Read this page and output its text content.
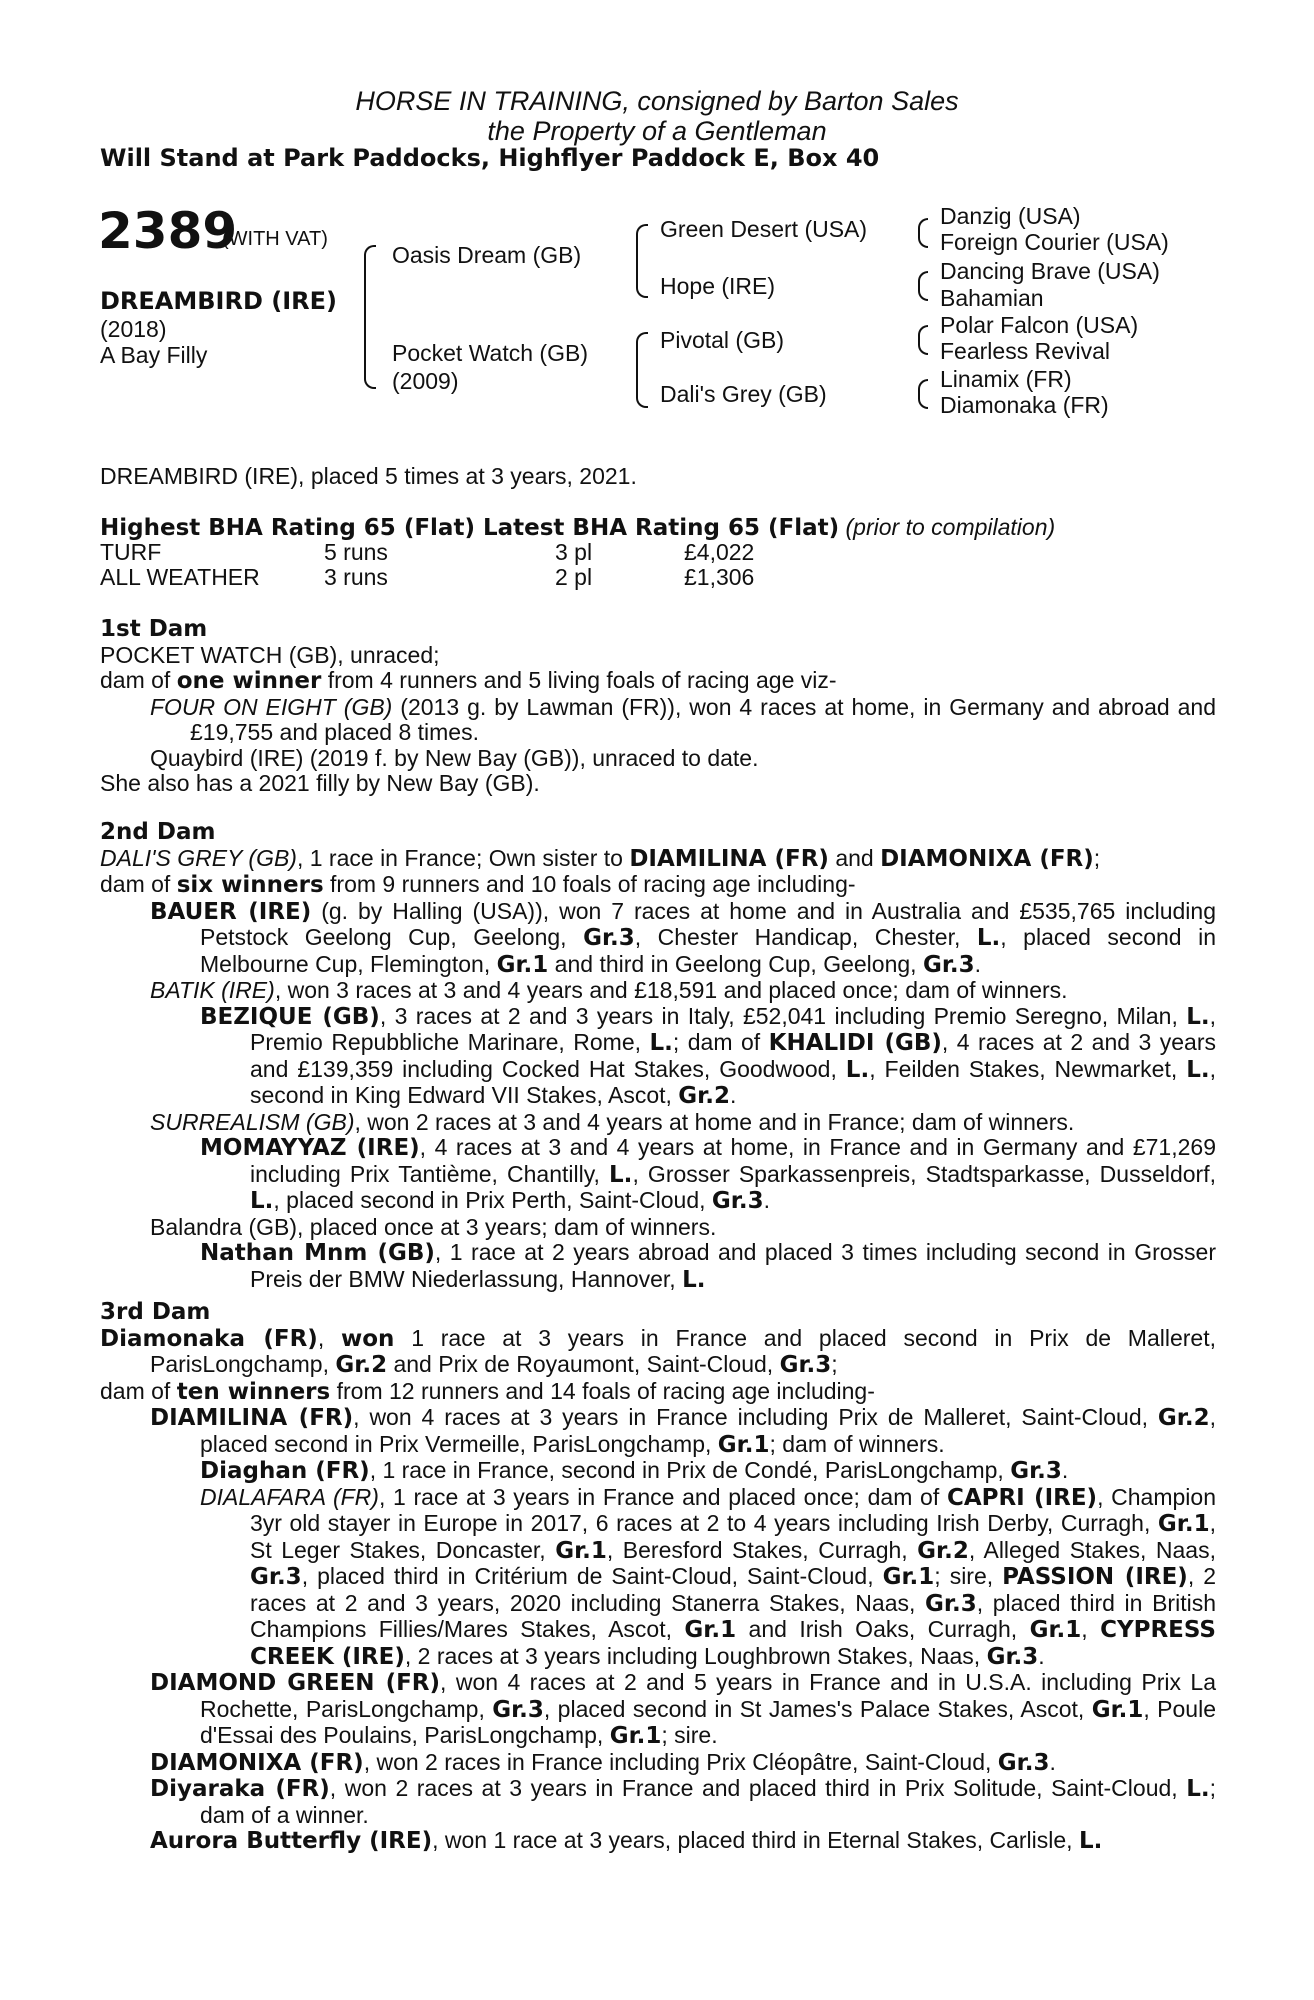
HORSE IN TRAINING, consigned by Barton Sales
the Property of a Gentleman
Will Stand at Park Paddocks, Highflyer Paddock E, Box 40
2389
(WITH VAT)
DREAMBIRD (IRE)
(2018)
A Bay Filly
Oasis Dream (GB)
Pocket Watch (GB)
(2009)
Green Desert (USA)
Hope (IRE)
Pivotal (GB)
Dali's Grey (GB)
Danzig (USA)
Foreign Courier (USA)
Dancing Brave (USA)
Bahamian
Polar Falcon (USA)
Fearless Revival
Linamix (FR)
Diamonaka (FR)
DREAMBIRD (IRE), placed 5 times at 3 years, 2021.
Highest BHA Rating 65 (Flat) Latest BHA Rating 65 (Flat) (prior to compilation)
TURF	5 runs	3 pl	£4,022
ALL WEATHER	3 runs	2 pl	£1,306

1st Dam

POCKET WATCH (GB), unraced;

dam of one winner from 4 runners and 5 living foals of racing age viz-

FOUR ON EIGHT (GB) (2013 g. by Lawman (FR)), won 4 races at home, in Germany and abroad and £19,755 and placed 8 times.

Quaybird (IRE) (2019 f. by New Bay (GB)), unraced to date.

She also has a 2021 filly by New Bay (GB).

2nd Dam

DALI'S GREY (GB), 1 race in France; Own sister to DIAMILINA (FR) and DIAMONIXA (FR);

dam of six winners from 9 runners and 10 foals of racing age including-

BAUER (IRE) (g. by Halling (USA)), won 7 races at home and in Australia and £535,765 including Petstock Geelong Cup, Geelong, Gr.3, Chester Handicap, Chester, L., placed second in Melbourne Cup, Flemington, Gr.1 and third in Geelong Cup, Geelong, Gr.3.

BATIK (IRE), won 3 races at 3 and 4 years and £18,591 and placed once; dam of winners.

BEZIQUE (GB), 3 races at 2 and 3 years in Italy, £52,041 including Premio Seregno, Milan, L., Premio Repubbliche Marinare, Rome, L.; dam of KHALIDI (GB), 4 races at 2 and 3 years and £139,359 including Cocked Hat Stakes, Goodwood, L., Feilden Stakes, Newmarket, L., second in King Edward VII Stakes, Ascot, Gr.2.

SURREALISM (GB), won 2 races at 3 and 4 years at home and in France; dam of winners.

MOMAYYAZ (IRE), 4 races at 3 and 4 years at home, in France and in Germany and £71,269 including Prix Tantième, Chantilly, L., Grosser Sparkassenpreis, Stadtsparkasse, Dusseldorf, L., placed second in Prix Perth, Saint-Cloud, Gr.3.

Balandra (GB), placed once at 3 years; dam of winners.

Nathan Mnm (GB), 1 race at 2 years abroad and placed 3 times including second in Grosser Preis der BMW Niederlassung, Hannover, L.

3rd Dam

Diamonaka (FR), won 1 race at 3 years in France and placed second in Prix de Malleret, ParisLongchamp, Gr.2 and Prix de Royaumont, Saint-Cloud, Gr.3;

dam of ten winners from 12 runners and 14 foals of racing age including-

DIAMILINA (FR), won 4 races at 3 years in France including Prix de Malleret, Saint-Cloud, Gr.2, placed second in Prix Vermeille, ParisLongchamp, Gr.1; dam of winners.

Diaghan (FR), 1 race in France, second in Prix de Condé, ParisLongchamp, Gr.3.

DIALAFARA (FR), 1 race at 3 years in France and placed once; dam of CAPRI (IRE), Champion 3yr old stayer in Europe in 2017, 6 races at 2 to 4 years including Irish Derby, Curragh, Gr.1, St Leger Stakes, Doncaster, Gr.1, Beresford Stakes, Curragh, Gr.2, Alleged Stakes, Naas, Gr.3, placed third in Critérium de Saint-Cloud, Saint-Cloud, Gr.1; sire, PASSION (IRE), 2 races at 2 and 3 years, 2020 including Stanerra Stakes, Naas, Gr.3, placed third in British Champions Fillies/Mares Stakes, Ascot, Gr.1 and Irish Oaks, Curragh, Gr.1, CYPRESS CREEK (IRE), 2 races at 3 years including Loughbrown Stakes, Naas, Gr.3.

DIAMOND GREEN (FR), won 4 races at 2 and 5 years in France and in U.S.A. including Prix La Rochette, ParisLongchamp, Gr.3, placed second in St James's Palace Stakes, Ascot, Gr.1, Poule d'Essai des Poulains, ParisLongchamp, Gr.1; sire.

DIAMONIXA (FR), won 2 races in France including Prix Cléopâtre, Saint-Cloud, Gr.3.

Diyaraka (FR), won 2 races at 3 years in France and placed third in Prix Solitude, Saint-Cloud, L.; dam of a winner.

Aurora Butterfly (IRE), won 1 race at 3 years, placed third in Eternal Stakes, Carlisle, L.
